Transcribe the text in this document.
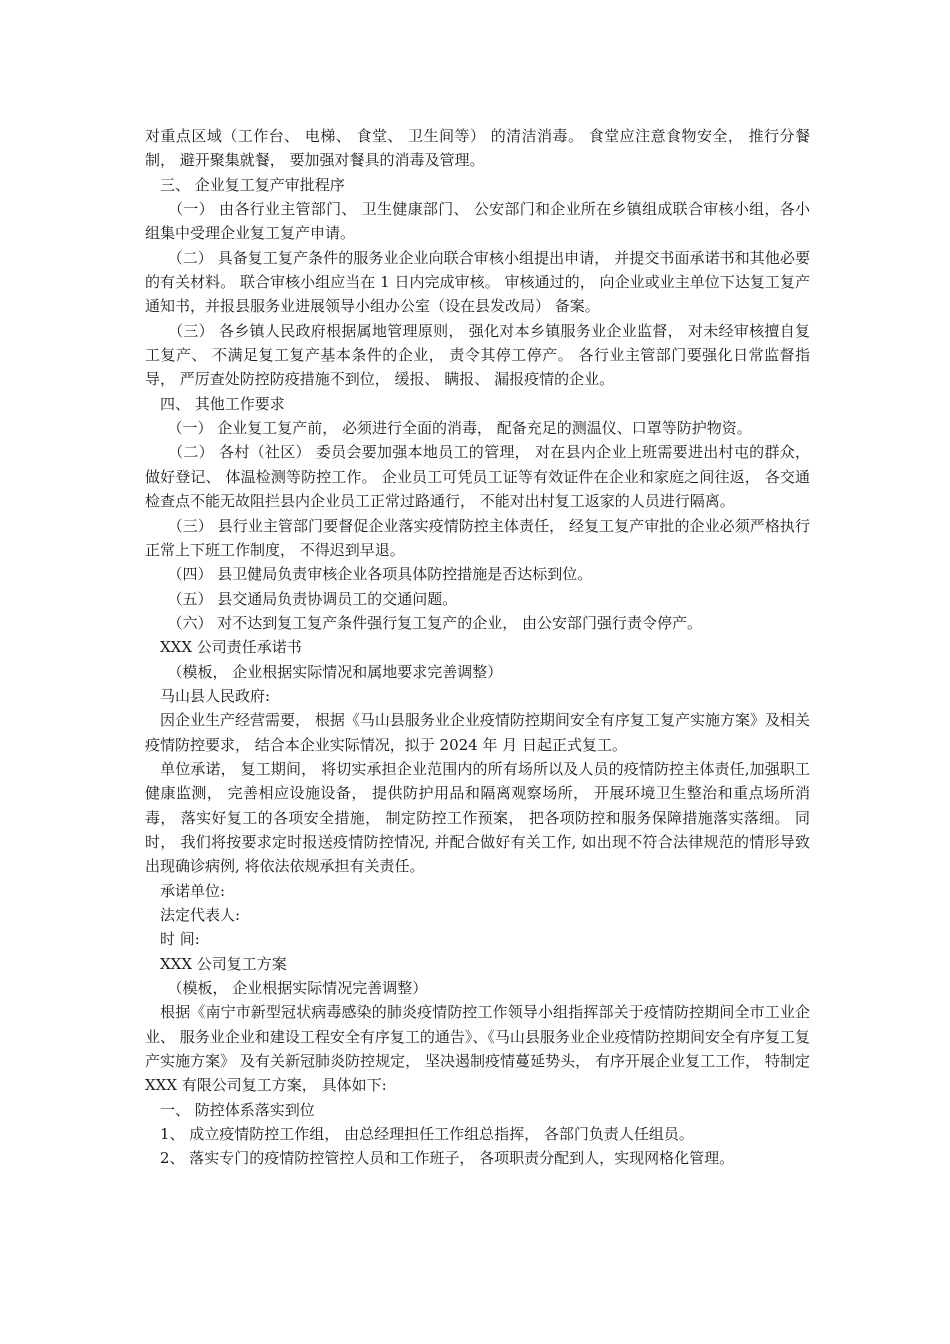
对重点区域（工作台、 电梯、 食堂、 卫生间等） 的清洁消毒。 食堂应注意食物安全， 推行分餐制， 避开聚集就餐， 要加强对餐具的消毒及管理。

　三、 企业复工复产审批程序

　　（一） 由各行业主管部门、 卫生健康部门、 公安部门和企业所在乡镇组成联合审核小组，各小组集中受理企业复工复产申请。

　　（二） 具备复工复产条件的服务业企业向联合审核小组提出申请， 并提交书面承诺书和其他必要的有关材料。 联合审核小组应当在 1 日内完成审核。 审核通过的， 向企业或业主单位下达复工复产通知书，并报县服务业进展领导小组办公室（设在县发改局） 备案。

　　（三） 各乡镇人民政府根据属地管理原则， 强化对本乡镇服务业企业监督， 对未经审核擅自复工复产、 不满足复工复产基本条件的企业， 责令其停工停产。 各行业主管部门要强化日常监督指导， 严厉查处防控防疫措施不到位， 缓报、 瞒报、 漏报疫情的企业。

　四、 其他工作要求

　　（一） 企业复工复产前， 必须进行全面的消毒， 配备充足的测温仪、口罩等防护物资。

　　（二） 各村（社区） 委员会要加强本地员工的管理， 对在县内企业上班需要进出村屯的群众， 做好登记、 体温检测等防控工作。 企业员工可凭员工证等有效证件在企业和家庭之间往返， 各交通检查点不能无故阻拦县内企业员工正常过路通行， 不能对出村复工返家的人员进行隔离。

　　（三） 县行业主管部门要督促企业落实疫情防控主体责任， 经复工复产审批的企业必须严格执行正常上下班工作制度， 不得迟到早退。

　　（四） 县卫健局负责审核企业各项具体防控措施是否达标到位。

　　（五） 县交通局负责协调员工的交通问题。

　　（六） 对不达到复工复产条件强行复工复产的企业， 由公安部门强行责令停产。

　XXX 公司责任承诺书

　　（模板， 企业根据实际情况和属地要求完善调整）

　马山县人民政府:

　因企业生产经营需要， 根据《马山县服务业企业疫情防控期间安全有序复工复产实施方案》及相关疫情防控要求， 结合本企业实际情况，拟于 2024 年 月 日起正式复工。

　单位承诺， 复工期间， 将切实承担企业范围内的所有场所以及人员的疫情防控主体责任,加强职工健康监测， 完善相应设施设备， 提供防护用品和隔离观察场所， 开展环境卫生整治和重点场所消毒， 落实好复工的各项安全措施， 制定防控工作预案， 把各项防控和服务保障措施落实落细。 同时， 我们将按要求定时报送疫情防控情况, 并配合做好有关工作, 如出现不符合法律规范的情形导致出现确诊病例, 将依法依规承担有关责任。

　承诺单位:

　法定代表人:

　时 间:

　XXX 公司复工方案

　　（模板， 企业根据实际情况完善调整）

　根据《南宁市新型冠状病毒感染的肺炎疫情防控工作领导小组指挥部关于疫情防控期间全市工业企业、 服务业企业和建设工程安全有序复工的通告》、《马山县服务业企业疫情防控期间安全有序复工复产实施方案》 及有关新冠肺炎防控规定， 坚决遏制疫情蔓延势头， 有序开展企业复工工作， 特制定 XXX 有限公司复工方案， 具体如下:

　一、 防控体系落实到位

　1、 成立疫情防控工作组， 由总经理担任工作组总指挥， 各部门负责人任组员。

　2、 落实专门的疫情防控管控人员和工作班子， 各项职责分配到人，实现网格化管理。
